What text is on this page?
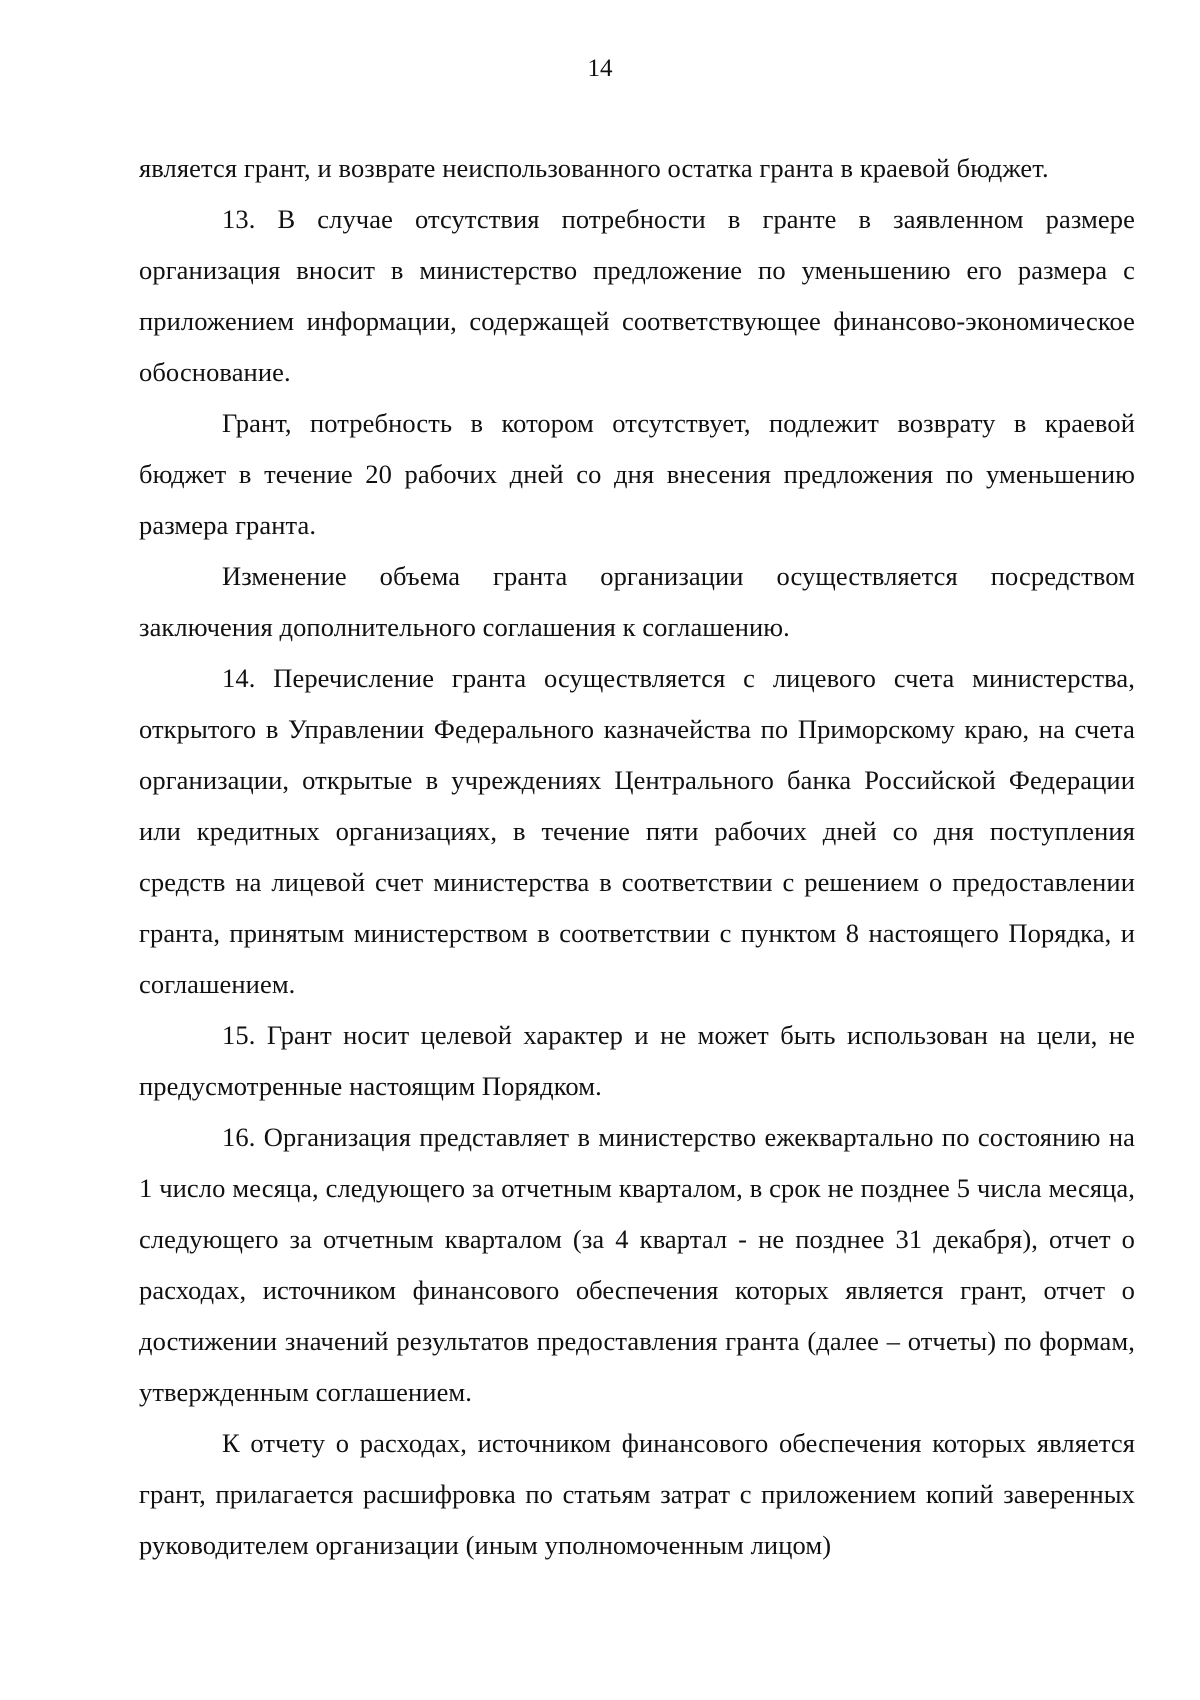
14

является грант, и возврате неиспользованного остатка гранта в краевой бюджет.

13. В случае отсутствия потребности в гранте в заявленном размере организация вносит в министерство предложение по уменьшению его размера с приложением информации, содержащей соответствующее финансово-экономическое обоснование.

Грант, потребность в котором отсутствует, подлежит возврату в краевой бюджет в течение 20 рабочих дней со дня внесения предложения по уменьшению размера гранта.

Изменение объема гранта организации осуществляется посредством заключения дополнительного соглашения к соглашению.

14. Перечисление гранта осуществляется с лицевого счета министерства, открытого в Управлении Федерального казначейства по Приморскому краю, на счета организации, открытые в учреждениях Центрального банка Российской Федерации или кредитных организациях, в течение пяти рабочих дней со дня поступления средств на лицевой счет министерства в соответствии с решением о предоставлении гранта, принятым министерством в соответствии с пунктом 8 настоящего Порядка, и соглашением.

15. Грант носит целевой характер и не может быть использован на цели, не предусмотренные настоящим Порядком.

16. Организация представляет в министерство ежеквартально по состоянию на 1 число месяца, следующего за отчетным кварталом, в срок не позднее 5 числа месяца, следующего за отчетным кварталом (за 4 квартал - не позднее 31 декабря), отчет о расходах, источником финансового обеспечения которых является грант, отчет о достижении значений результатов предоставления гранта (далее – отчеты) по формам, утвержденным соглашением.

К отчету о расходах, источником финансового обеспечения которых является грант, прилагается расшифровка по статьям затрат с приложением копий заверенных руководителем организации (иным уполномоченным лицом)
